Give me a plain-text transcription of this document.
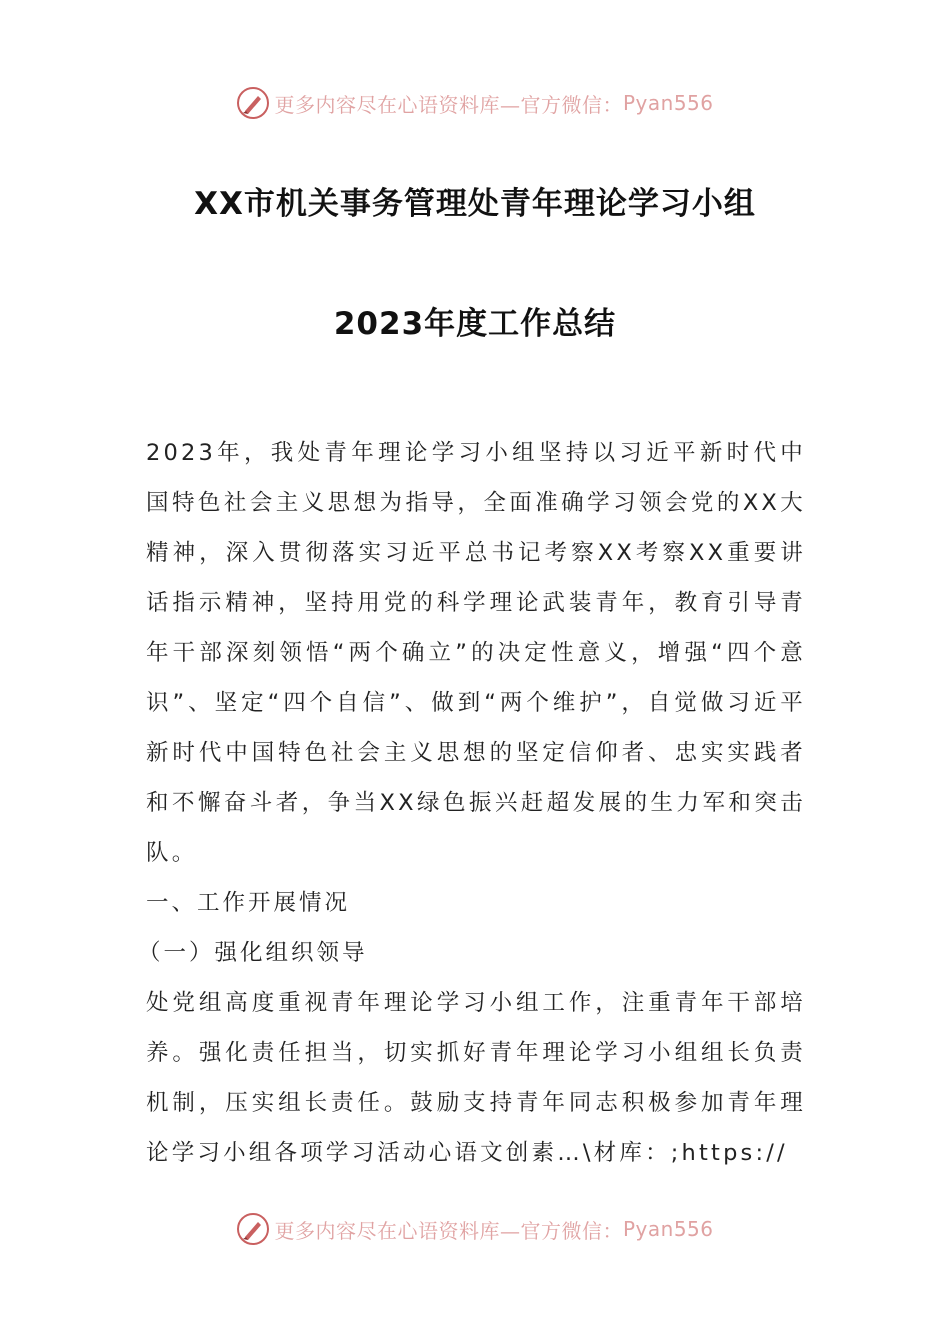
更多内容尽在心语资料库—官方微信： Pyan556
XX市机关事务管理处青年理论学习小组
2023年度工作总结

2023年，我处青年理论学习小组坚持以习近平新时代中国特色社会主义思想为指导，全面准确学习领会党的XX大精神，深入贯彻落实习近平总书记考察XX考察XX重要讲话指示精神，坚持用党的科学理论武装青年，教育引导青年干部深刻领悟“两个确立”的决定性意义，增强“四个意识”、坚定“四个自信”、做到“两个维护”，自觉做习近平新时代中国特色社会主义思想的坚定信仰者、忠实实践者和不懈奋斗者，争当XX绿色振兴赶超发展的生力军和突击队。

一、工作开展情况

（一）强化组织领导

处党组高度重视青年理论学习小组工作，注重青年干部培养。强化责任担当，切实抓好青年理论学习小组组长负责机制，压实组长责任。鼓励支持青年同志积极参加青年理论学习小组各项学习活动心语文创素…\材库：;https://

更多内容尽在心语资料库—官方微信： Pyan556
